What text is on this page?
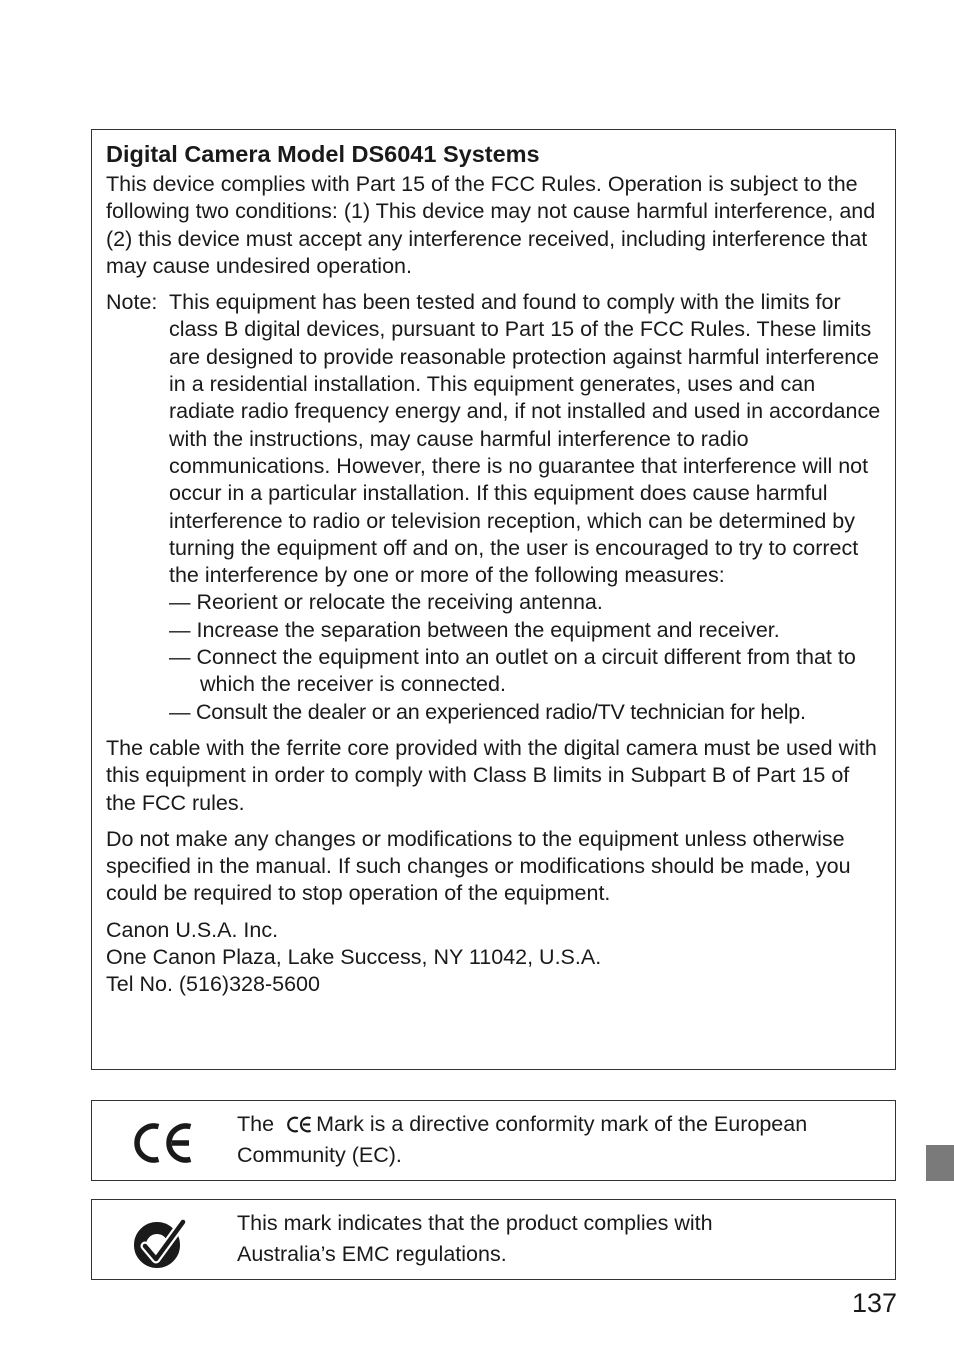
Digital Camera Model DS6041 Systems

This device complies with Part 15 of the FCC Rules. Operation is subject to the following two conditions: (1) This device may not cause harmful interference, and (2) this device must accept any interference received, including interference that may cause undesired operation.

Note: This equipment has been tested and found to comply with the limits for class B digital devices, pursuant to Part 15 of the FCC Rules. These limits are designed to provide reasonable protection against harmful interference in a residential installation. This equipment generates, uses and can radiate radio frequency energy and, if not installed and used in accordance with the instructions, may cause harmful interference to radio communications. However, there is no guarantee that interference will not occur in a particular installation. If this equipment does cause harmful interference to radio or television reception, which can be determined by turning the equipment off and on, the user is encouraged to try to correct the interference by one or more of the following measures:
— Reorient or relocate the receiving antenna.
— Increase the separation between the equipment and receiver.
— Connect the equipment into an outlet on a circuit different from that to which the receiver is connected.
— Consult the dealer or an experienced radio/TV technician for help.

The cable with the ferrite core provided with the digital camera must be used with this equipment in order to comply with Class B limits in Subpart B of Part 15 of the FCC rules.

Do not make any changes or modifications to the equipment unless otherwise specified in the manual. If such changes or modifications should be made, you could be required to stop operation of the equipment.

Canon U.S.A. Inc.
One Canon Plaza, Lake Success, NY 11042, U.S.A.
Tel No. (516)328-5600

The Mark is a directive conformity mark of the European Community (EC).
This mark indicates that the product complies with Australia’s EMC regulations.
137
